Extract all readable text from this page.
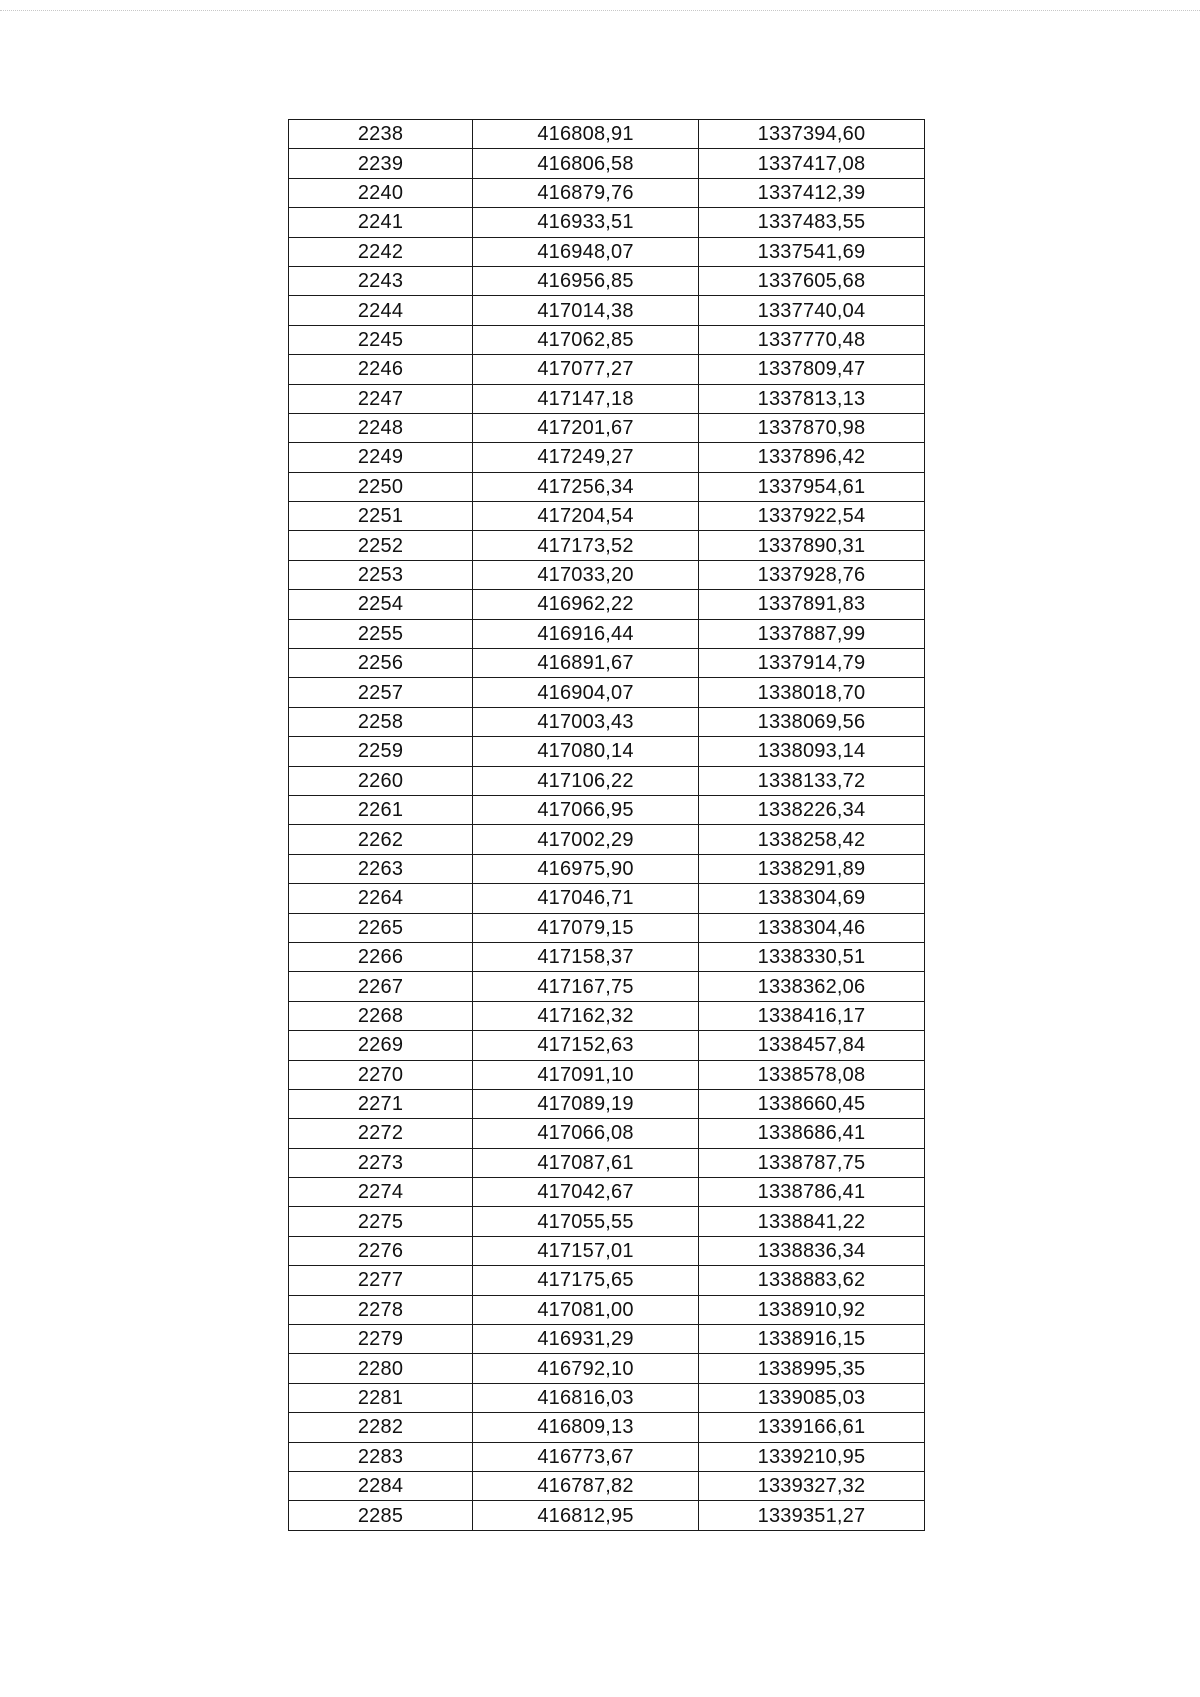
2238	416808,91	1337394,60
2239	416806,58	1337417,08
2240	416879,76	1337412,39
2241	416933,51	1337483,55
2242	416948,07	1337541,69
2243	416956,85	1337605,68
2244	417014,38	1337740,04
2245	417062,85	1337770,48
2246	417077,27	1337809,47
2247	417147,18	1337813,13
2248	417201,67	1337870,98
2249	417249,27	1337896,42
2250	417256,34	1337954,61
2251	417204,54	1337922,54
2252	417173,52	1337890,31
2253	417033,20	1337928,76
2254	416962,22	1337891,83
2255	416916,44	1337887,99
2256	416891,67	1337914,79
2257	416904,07	1338018,70
2258	417003,43	1338069,56
2259	417080,14	1338093,14
2260	417106,22	1338133,72
2261	417066,95	1338226,34
2262	417002,29	1338258,42
2263	416975,90	1338291,89
2264	417046,71	1338304,69
2265	417079,15	1338304,46
2266	417158,37	1338330,51
2267	417167,75	1338362,06
2268	417162,32	1338416,17
2269	417152,63	1338457,84
2270	417091,10	1338578,08
2271	417089,19	1338660,45
2272	417066,08	1338686,41
2273	417087,61	1338787,75
2274	417042,67	1338786,41
2275	417055,55	1338841,22
2276	417157,01	1338836,34
2277	417175,65	1338883,62
2278	417081,00	1338910,92
2279	416931,29	1338916,15
2280	416792,10	1338995,35
2281	416816,03	1339085,03
2282	416809,13	1339166,61
2283	416773,67	1339210,95
2284	416787,82	1339327,32
2285	416812,95	1339351,27
